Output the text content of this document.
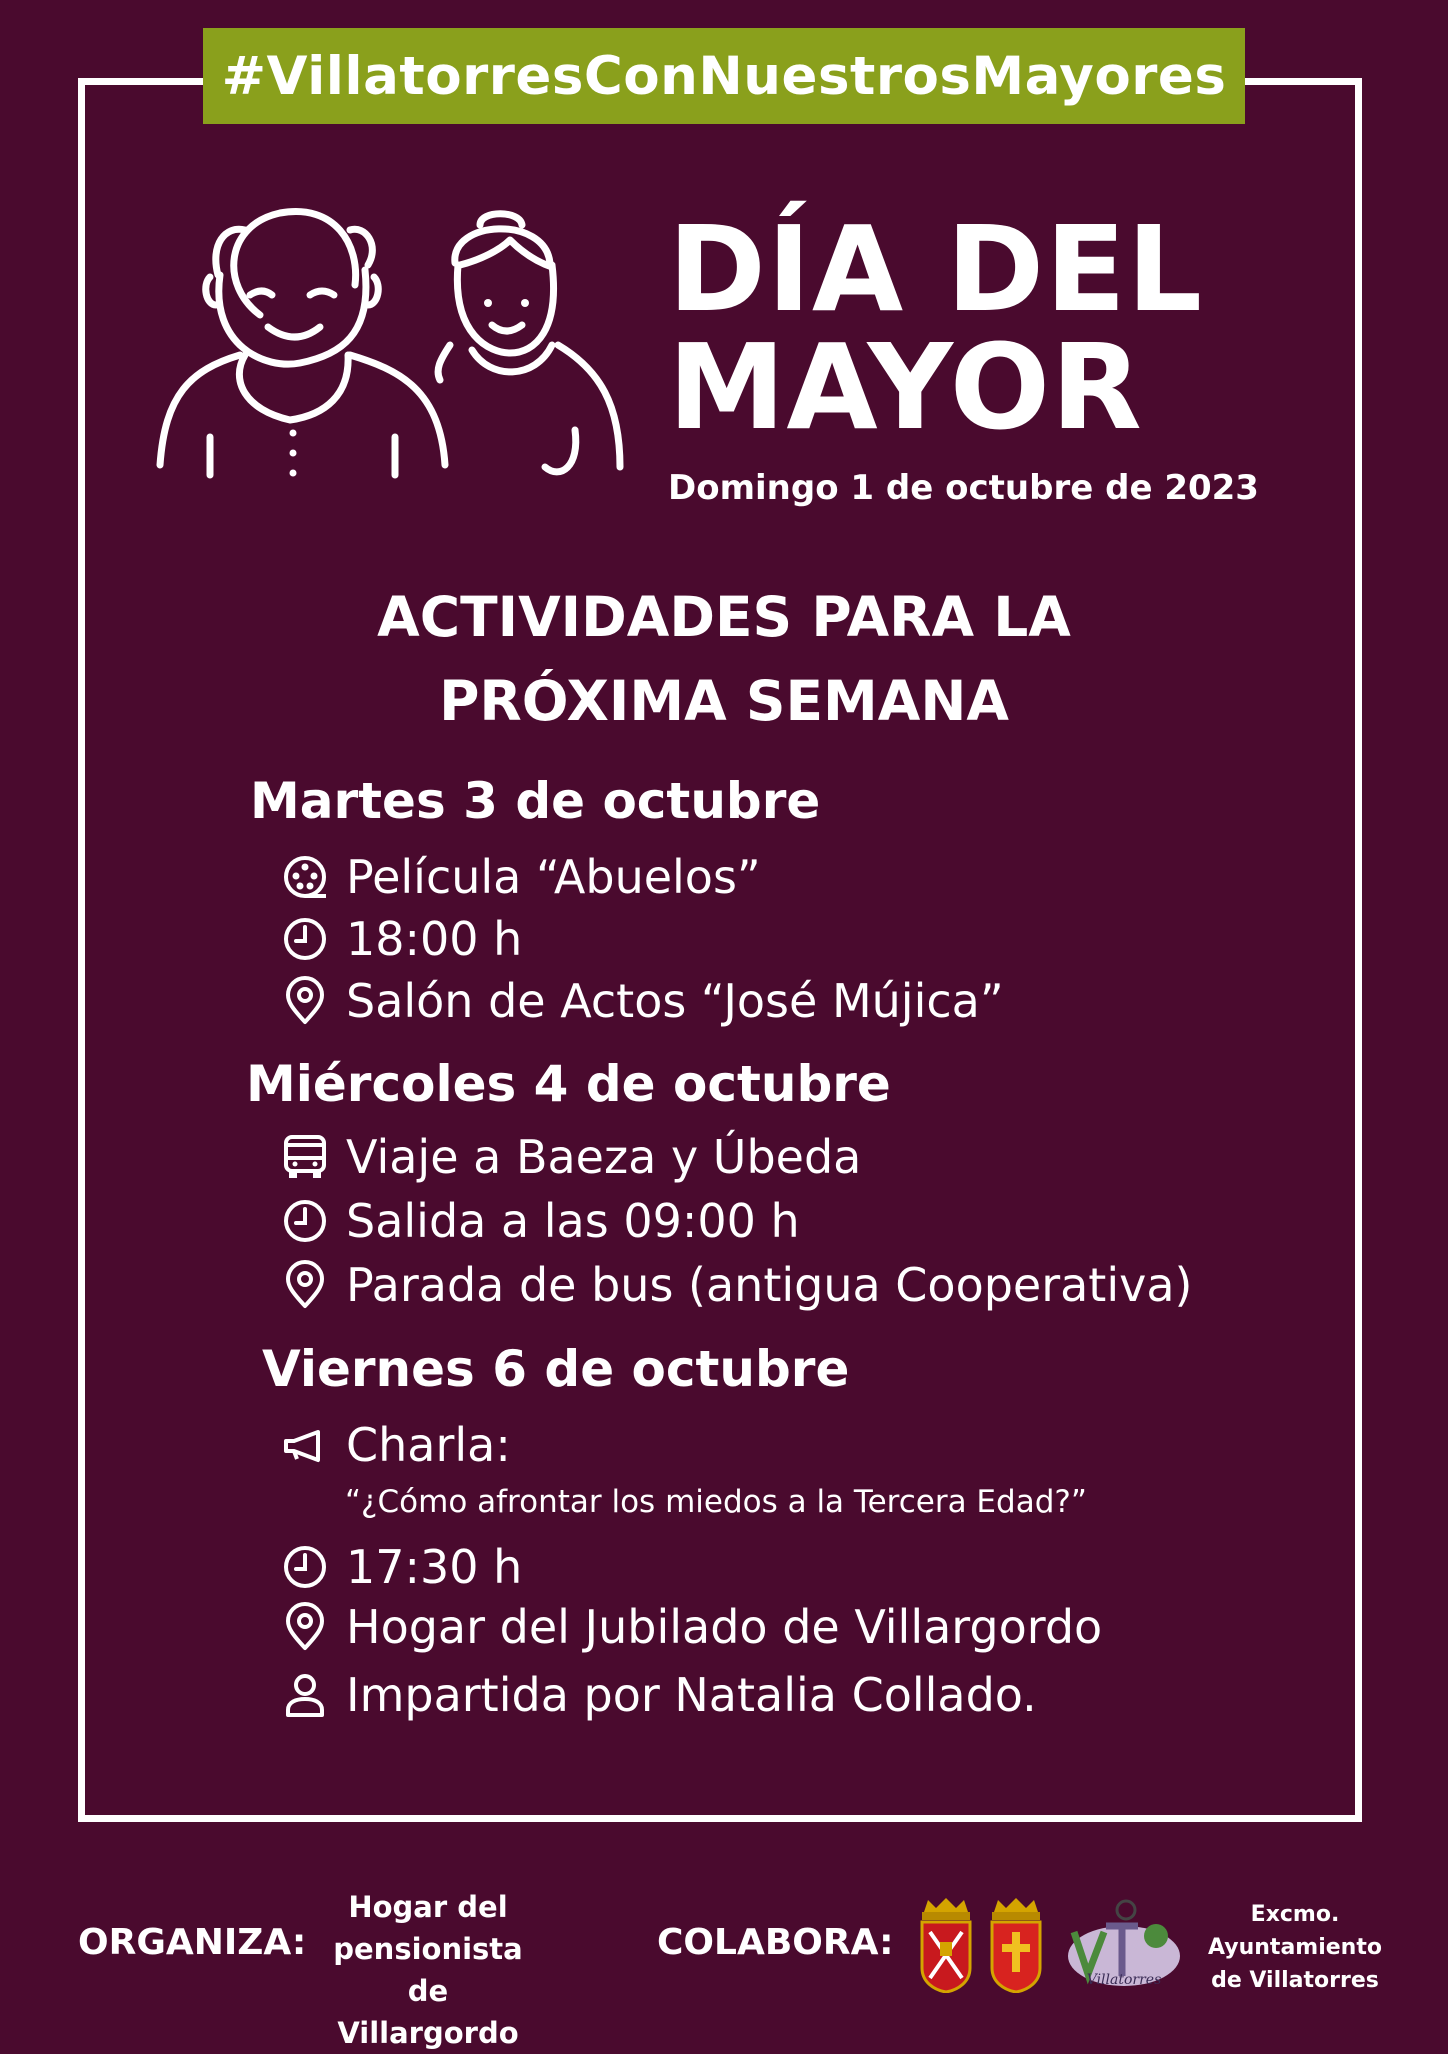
#VillatorresConNuestrosMayores
DÍA DEL
MAYOR
Domingo 1 de octubre de 2023
ACTIVIDADES PARA LA
PRÓXIMA SEMANA
Martes 3 de octubre
Película “Abuelos”
18:00 h
Salón de Actos “José Mújica”
Miércoles 4 de octubre
Viaje a Baeza y Úbeda
Salida a las 09:00 h
Parada de bus (antigua Cooperativa)
Viernes 6 de octubre
Charla:
“¿Cómo afrontar los miedos a la Tercera Edad?”
17:30 h
Hogar del Jubilado de Villargordo
Impartida por Natalia Collado.
ORGANIZA:
Hogar del
pensionista
de Villargordo
COLABORA:
Villatorres
Excmo.
Ayuntamiento
de Villatorres
